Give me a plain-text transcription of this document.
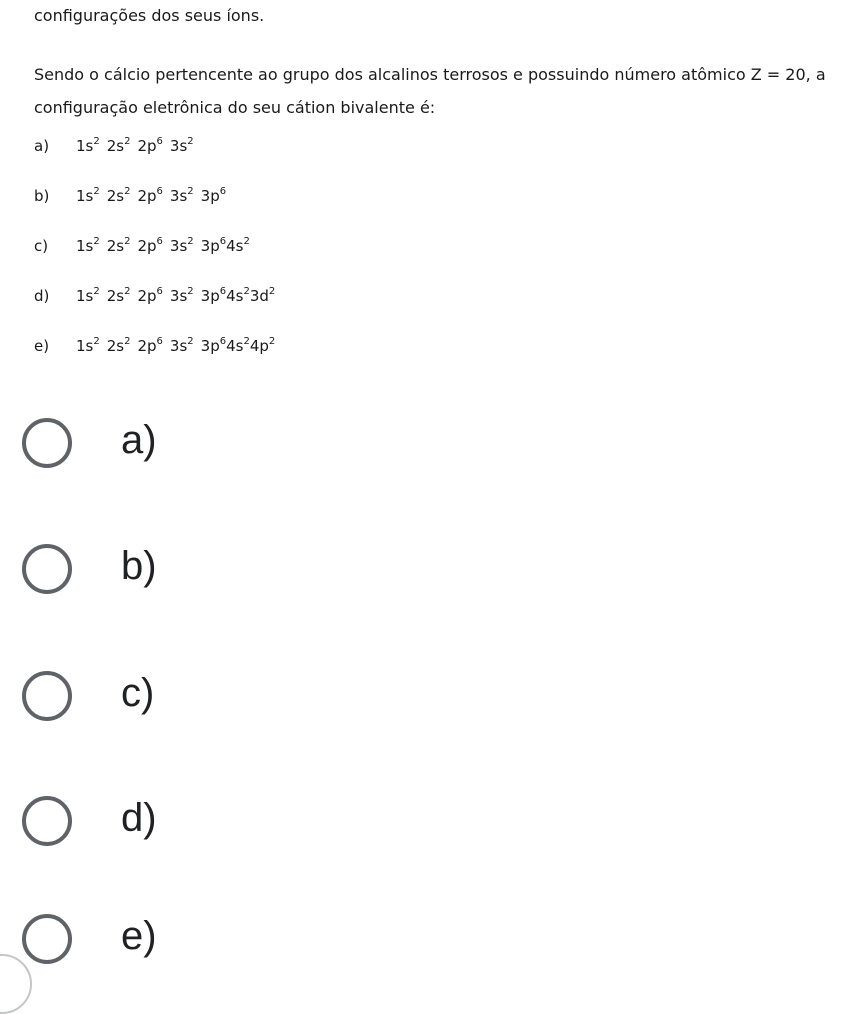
configurações dos seus íons.
Sendo o cálcio pertencente ao grupo dos alcalinos terrosos e possuindo número atômico Z = 20, a configuração eletrônica do seu cátion bivalente é:
a) $1s^2$ $2s^2$ $2p^6$ $3s^2$
b) $1s^2$ $2s^2$ $2p^6$ $3s^2$ $3p^6$
c) $1s^2$ $2s^2$ $2p^6$ $3s^2$ $3p^64s^2$
d) $1s^2$ $2s^2$ $2p^6$ $3s^2$ $3p^64s^23d^2$
e) $1s^2$ $2s^2$ $2p^6$ $3s^2$ $3p^64s^24p^2$
a)
b)
c)
d)
e)
